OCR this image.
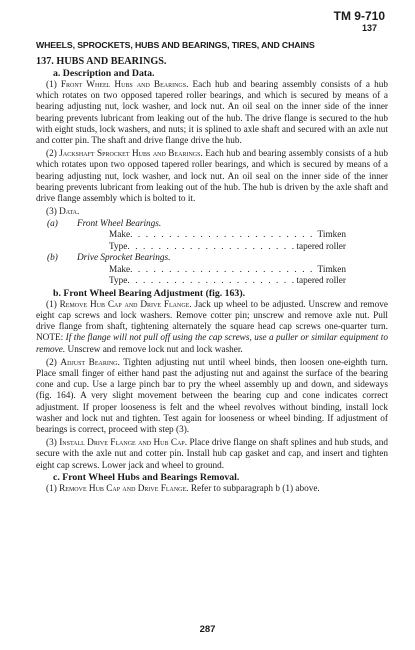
TM 9-710
137
WHEELS, SPROCKETS, HUBS AND BEARINGS, TIRES, AND CHAINS
137. HUBS AND BEARINGS.
a. Description and Data.

(1) Front Wheel Hubs and Bearings. Each hub and bearing assembly consists of a hub which rotates on two opposed tapered roller bearings, and which is secured by means of a bearing adjusting nut, lock washer, and lock nut. An oil seal on the inner side of the inner bearing prevents lubricant from leaking out of the hub. The drive flange is secured to the hub with eight studs, lock washers, and nuts; it is splined to axle shaft and secured with an axle nut and cotter pin. The shaft and drive flange drive the hub.

(2) Jackshaft Sprocket Hubs and Bearings. Each hub and bearing assembly consists of a hub which rotates upon two opposed tapered roller bearings, and which is secured by means of a bearing adjusting nut, lock washer, and lock nut. An oil seal on the inner side of the inner bearing prevents lubricant from leaking out of the hub. The hub is driven by the axle shaft and drive flange assembly which is bolted to it.

(3) Data.
(a) Front Wheel Bearings.
Make . . .	Timken
Type . . .	tapered roller
(b) Drive Sprocket Bearings.
Make . . .	Timken
Type . . .	tapered roller
b. Front Wheel Bearing Adjustment (fig. 163).

(1) Remove Hub Cap and Drive Flange. Jack up wheel to be adjusted. Unscrew and remove eight cap screws and lock washers. Remove cotter pin; unscrew and remove axle nut. Pull drive flange from shaft, tightening alternately the square head cap screws one-quarter turn. NOTE: If the flange will not pull off using the cap screws, use a puller or similar equipment to remove. Unscrew and remove lock nut and lock washer.

(2) Adjust Bearing. Tighten adjusting nut until wheel binds, then loosen one-eighth turn. Place small finger of either hand past the adjusting nut and against the surface of the bearing cone and cup. Use a large pinch bar to pry the wheel assembly up and down, and sideways (fig. 164). A very slight movement between the bearing cup and cone indicates correct adjustment. If proper looseness is felt and the wheel revolves without binding, install lock washer and lock nut and tighten. Test again for looseness or wheel binding. If adjustment of bearings is correct, proceed with step (3).

(3) Install Drive Flange and Hub Cap. Place drive flange on shaft splines and hub studs, and secure with the axle nut and cotter pin. Install hub cap gasket and cap, and insert and tighten eight cap screws. Lower jack and wheel to ground.

c. Front Wheel Hubs and Bearings Removal.

(1) Remove Hub Cap and Drive Flange. Refer to subparagraph b (1) above.

287
